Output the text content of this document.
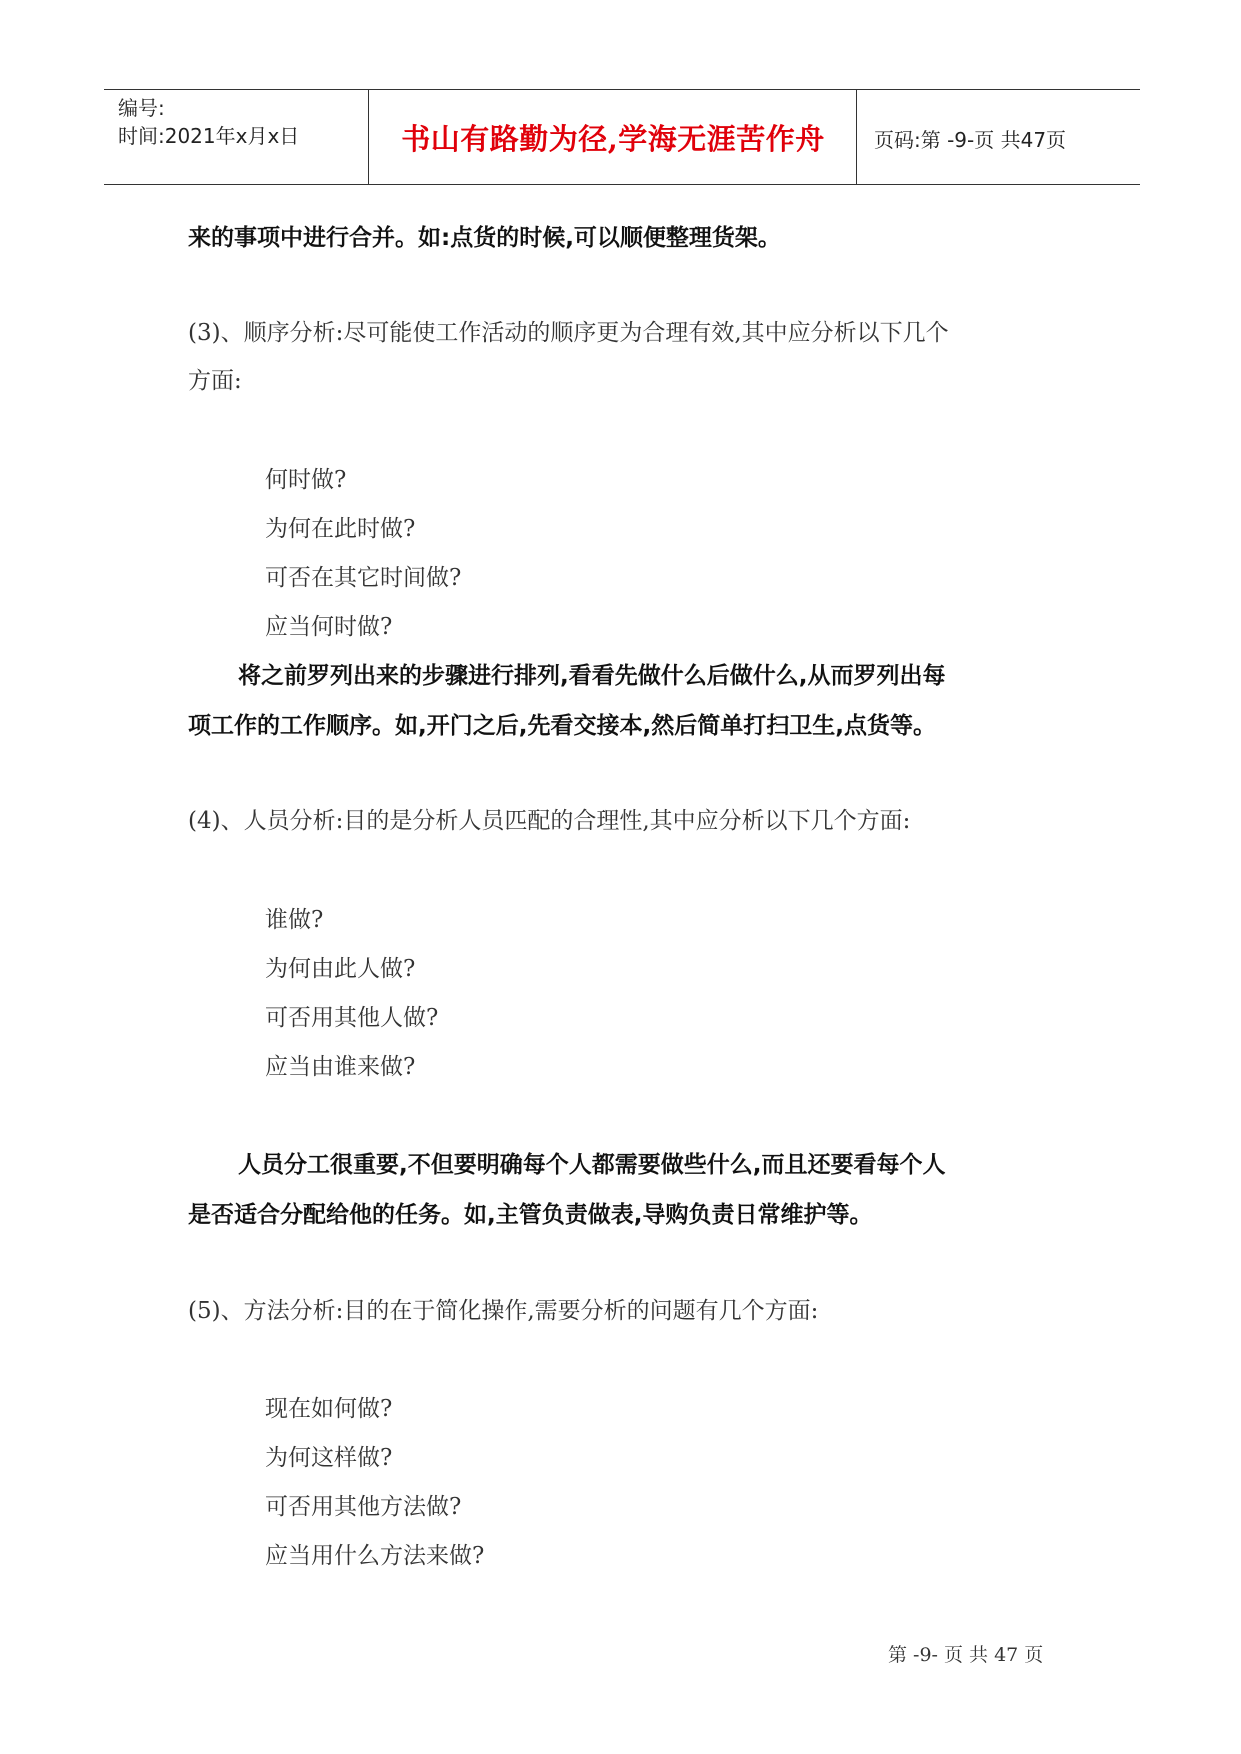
编号:
时间:2021年x月x日	书山有路勤为径,学海无涯苦作舟	页码:第 -9-页 共47页
来的事项中进行合并。如:点货的时候,可以顺便整理货架。
(3)、顺序分析:尽可能使工作活动的顺序更为合理有效,其中应分析以下几个
方面:
何时做?
为何在此时做?
可否在其它时间做?
应当何时做?
将之前罗列出来的步骤进行排列,看看先做什么后做什么,从而罗列出每
项工作的工作顺序。如,开门之后,先看交接本,然后简单打扫卫生,点货等。
(4)、人员分析:目的是分析人员匹配的合理性,其中应分析以下几个方面:
谁做?
为何由此人做?
可否用其他人做?
应当由谁来做?
人员分工很重要,不但要明确每个人都需要做些什么,而且还要看每个人
是否适合分配给他的任务。如,主管负责做表,导购负责日常维护等。
(5)、方法分析:目的在于简化操作,需要分析的问题有几个方面:
现在如何做?
为何这样做?
可否用其他方法做?
应当用什么方法来做?
第 -9- 页 共 47 页
